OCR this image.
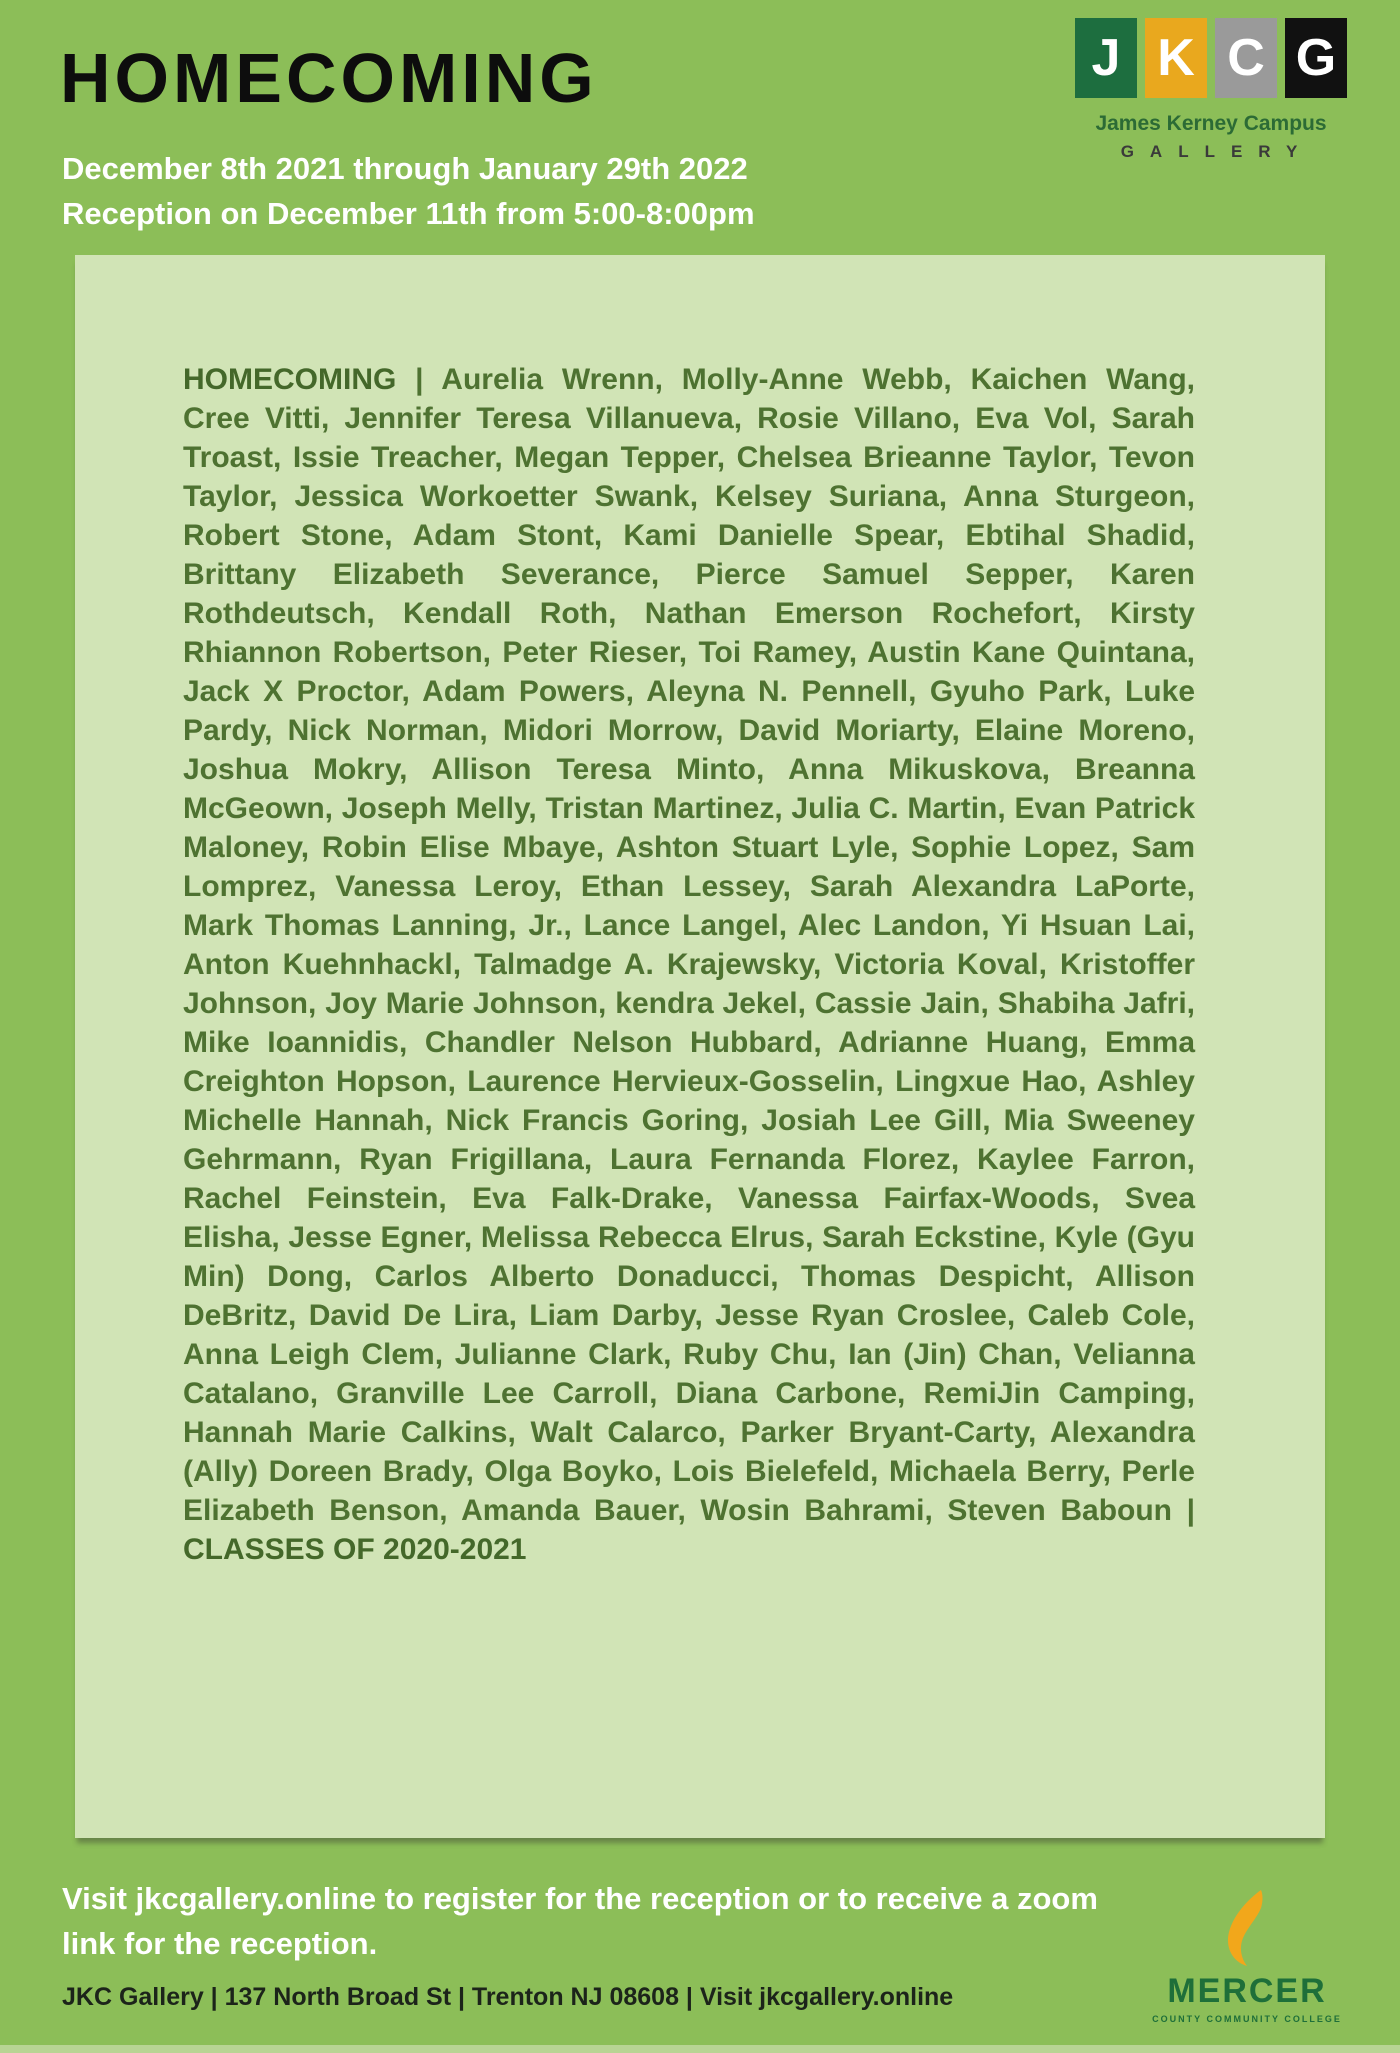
HOMECOMING
December 8th 2021 through January 29th 2022
Reception on December 11th from 5:00-8:00pm
J K C G
James Kerney Campus
GALLERY

HOMECOMING | Aurelia Wrenn, Molly-Anne Webb, Kaichen Wang, Cree Vitti, Jennifer Teresa Villanueva, Rosie Villano, Eva Vol, Sarah Troast, Issie Treacher, Megan Tepper, Chelsea Brieanne Taylor, Tevon Taylor, Jessica Workoetter Swank, Kelsey Suriana, Anna Sturgeon, Robert Stone, Adam Stont, Kami Danielle Spear, Ebtihal Shadid, Brittany Elizabeth Severance, Pierce Samuel Sepper, Karen Rothdeutsch, Kendall Roth, Nathan Emerson Rochefort, Kirsty Rhiannon Robertson, Peter Rieser, Toi Ramey, Austin Kane Quintana, Jack X Proctor, Adam Powers, Aleyna N. Pennell, Gyuho Park, Luke Pardy, Nick Norman, Midori Morrow, David Moriarty, Elaine Moreno, Joshua Mokry, Allison Teresa Minto, Anna Mikuskova, Breanna McGeown, Joseph Melly, Tristan Martinez, Julia C. Martin, Evan Patrick Maloney, Robin Elise Mbaye, Ashton Stuart Lyle, Sophie Lopez, Sam Lomprez, Vanessa Leroy, Ethan Lessey, Sarah Alexandra LaPorte, Mark Thomas Lanning, Jr., Lance Langel, Alec Landon, Yi Hsuan Lai, Anton Kuehnhackl, Talmadge A. Krajewsky, Victoria Koval, Kristoffer Johnson, Joy Marie Johnson, kendra Jekel, Cassie Jain, Shabiha Jafri, Mike Ioannidis, Chandler Nelson Hubbard, Adrianne Huang, Emma Creighton Hopson, Laurence Hervieux-Gosselin, Lingxue Hao, Ashley Michelle Hannah, Nick Francis Goring, Josiah Lee Gill, Mia Sweeney Gehrmann, Ryan Frigillana, Laura Fernanda Florez, Kaylee Farron, Rachel Feinstein, Eva Falk-Drake, Vanessa Fairfax-Woods, Svea Elisha, Jesse Egner, Melissa Rebecca Elrus, Sarah Eckstine, Kyle (Gyu Min) Dong, Carlos Alberto Donaducci, Thomas Despicht, Allison DeBritz, David De Lira, Liam Darby, Jesse Ryan Croslee, Caleb Cole, Anna Leigh Clem, Julianne Clark, Ruby Chu, Ian (Jin) Chan, Velianna Catalano, Granville Lee Carroll, Diana Carbone, RemiJin Camping, Hannah Marie Calkins, Walt Calarco, Parker Bryant-Carty, Alexandra (Ally) Doreen Brady, Olga Boyko, Lois Bielefeld, Michaela Berry, Perle Elizabeth Benson, Amanda Bauer, Wosin Bahrami, Steven Baboun | CLASSES OF 2020-2021

Visit jkcgallery.online to register for the reception or to receive a zoom link for the reception.

JKC Gallery | 137 North Broad St | Trenton NJ 08608 | Visit jkcgallery.online	MERCER
COUNTY COMMUNITY COLLEGE
